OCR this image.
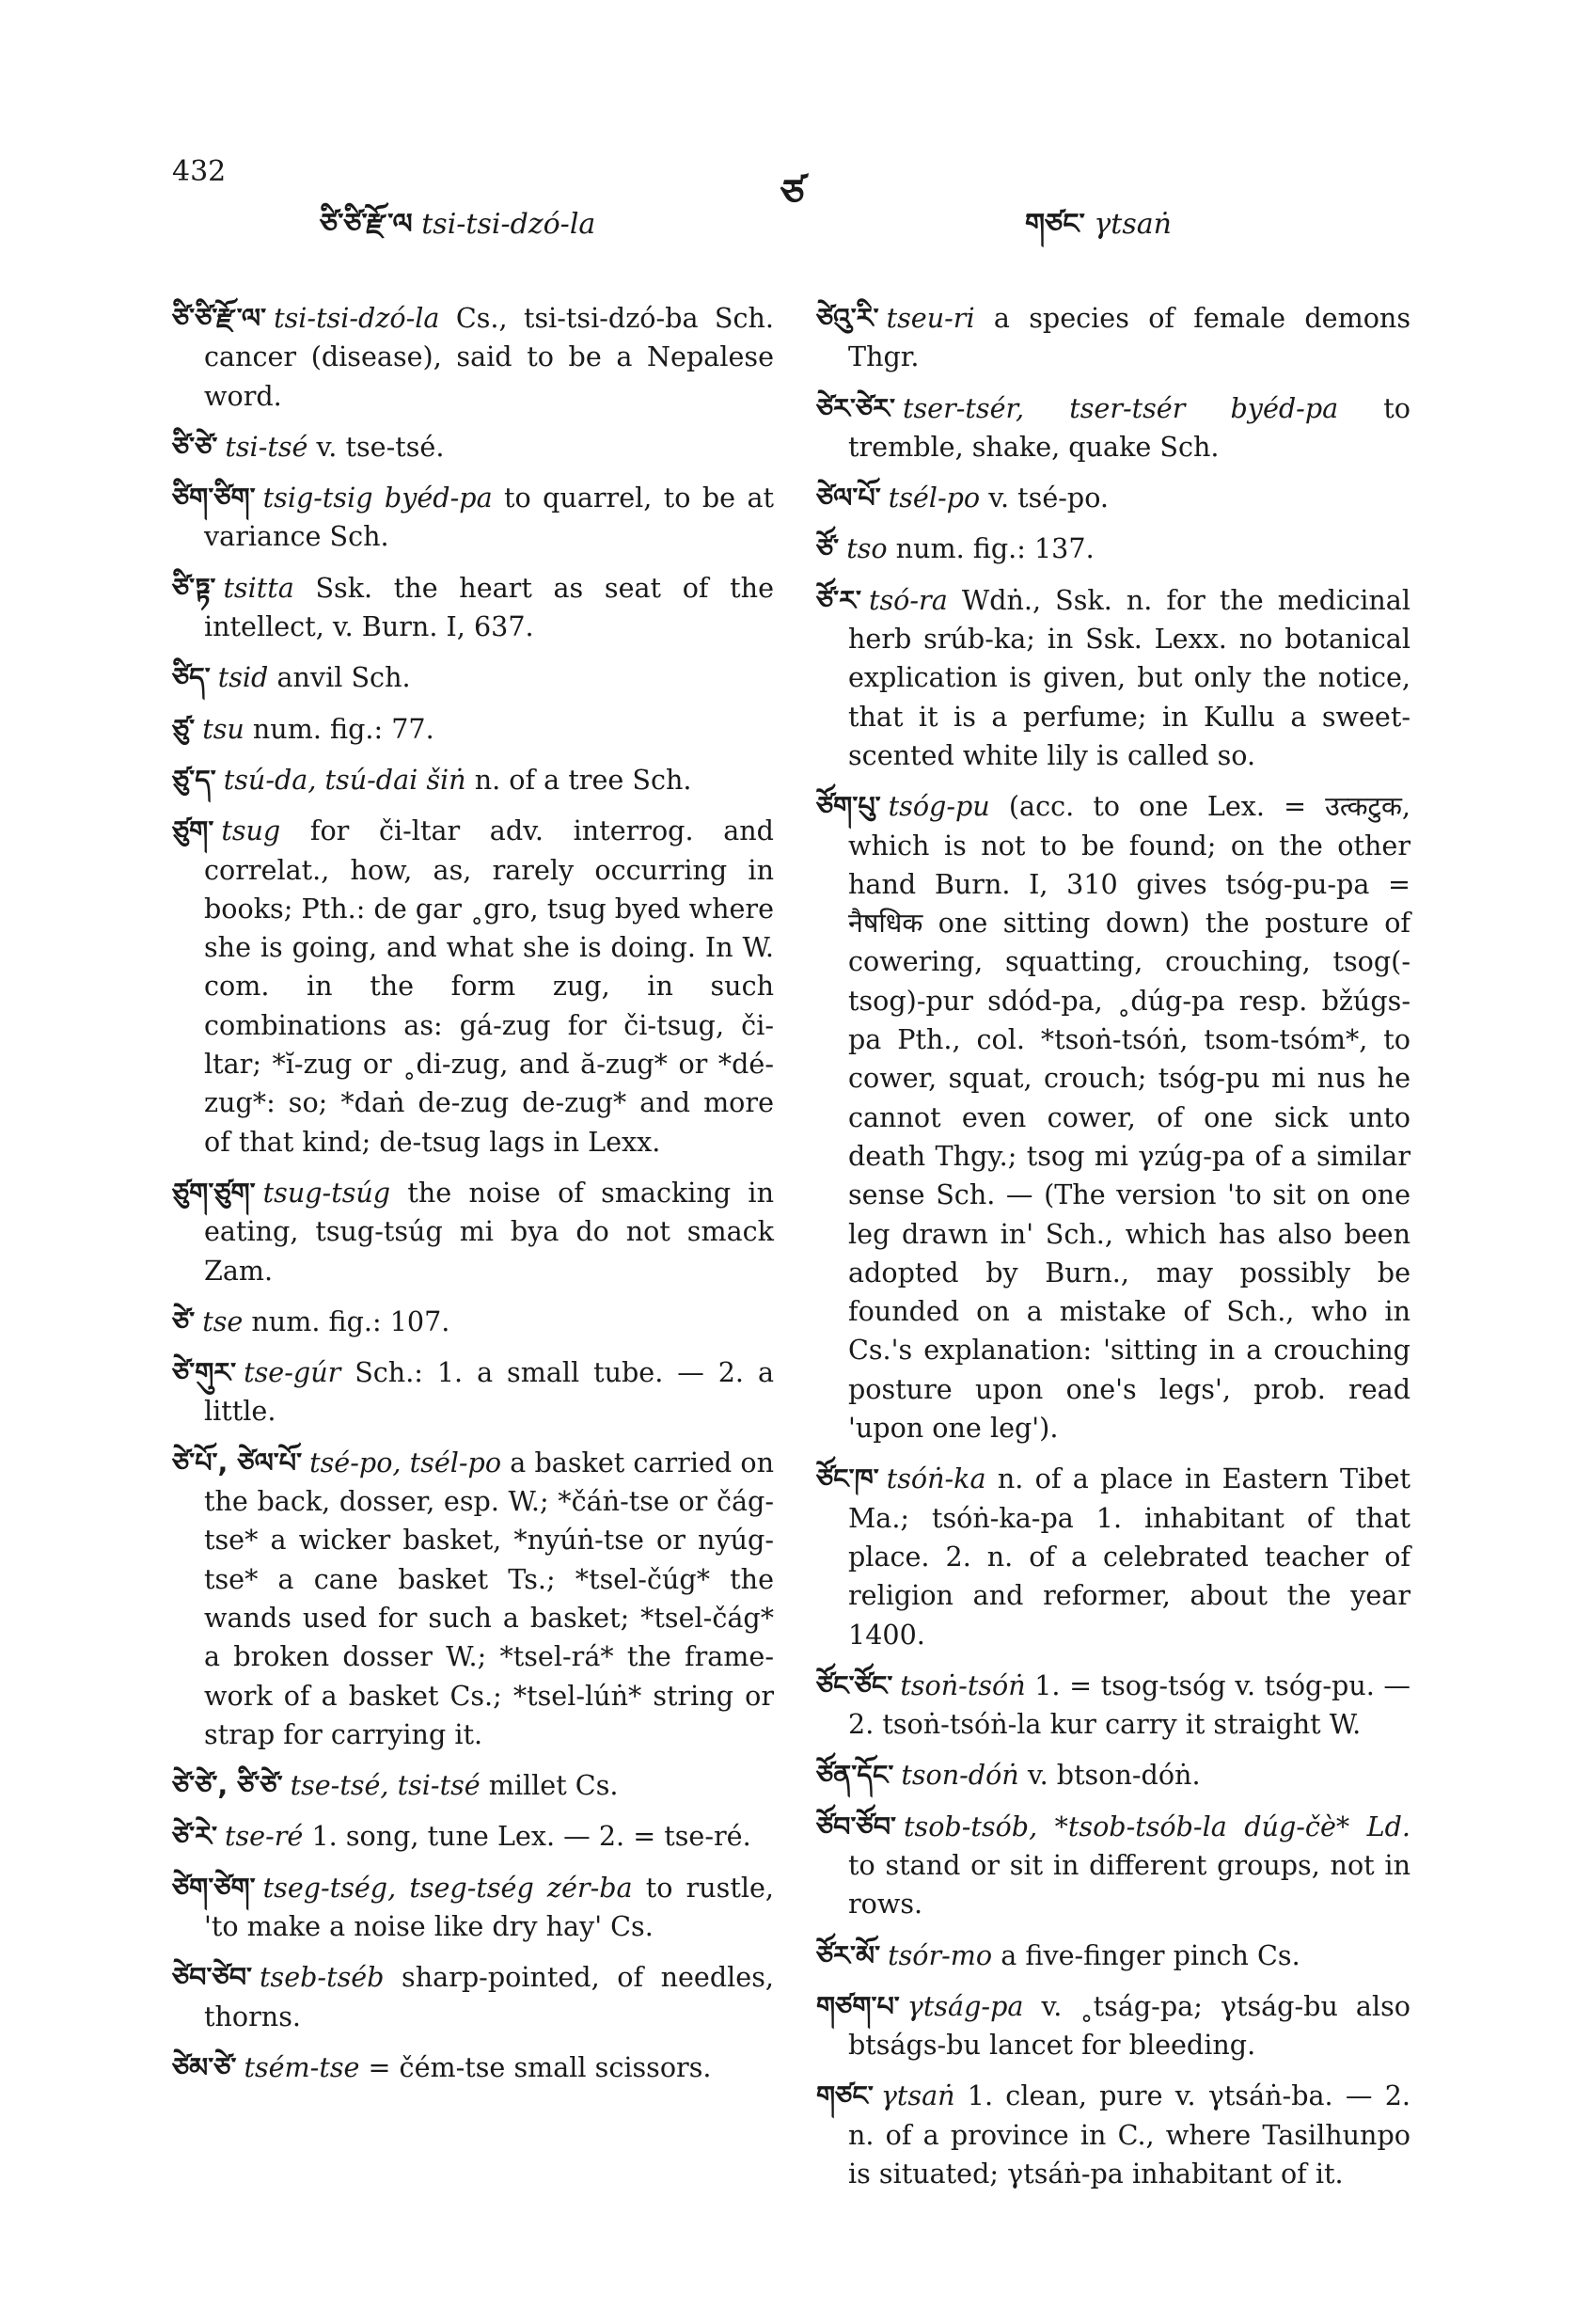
432
ཙི་ཙི་རྫོ་ལ tsi-tsi-dzó-la
ཙ
གཙང་ γtsaṅ

ཙི་ཙི་རྫོ་ལ་ tsi-tsi-dzó-la Cs., tsi-tsi-dzó-ba Sch. cancer (disease), said to be a Nepalese word.

ཙི་ཙེ་ tsi-tsé v. tse-tsé.

ཙིག་ཙིག་ tsig-tsig byéd-pa to quarrel, to be at variance Sch.

ཙི་ཏྟ་ tsitta Ssk. the heart as seat of the intellect, v. Burn. I, 637.

ཙིད་ tsid anvil Sch.

ཙུ་ tsu num. fig.: 77.

ཙུ་ད་ tsú-da, tsú-dai šiṅ n. of a tree Sch.

ཙུག་ tsug for či-ltar adv. interrog. and correlat., how, as, rarely occurring in books; Pth.: de gar ˳gro, tsug byed where she is going, and what she is doing. In W. com. in the form zug, in such combinations as: gá-zug for či-tsug, či-ltar; *ĭ-zug or ˳di-zug, and ă-zug* or *dé-zug*: so; *daṅ de-zug de-zug* and more of that kind; de-tsug lags in Lexx.

ཙུག་ཙུག་ tsug-tsúg the noise of smacking in eating, tsug-tsúg mi bya do not smack Zam.

ཙེ་ tse num. fig.: 107.

ཙེ་གུར་ tse-gúr Sch.: 1. a small tube. — 2. a little.

ཙེ་པོ་, ཙེལ་པོ་ tsé-po, tsél-po a basket carried on the back, dosser, esp. W.; *čáṅ-tse or čág-tse* a wicker basket, *nyúṅ-tse or nyúg-tse* a cane basket Ts.; *tsel-čúg* the wands used for such a basket; *tsel-čág* a broken dosser W.; *tsel-rá* the frame-work of a basket Cs.; *tsel-lúṅ* string or strap for carrying it.

ཙེ་ཙེ་, ཙི་ཙེ་ tse-tsé, tsi-tsé millet Cs.

ཙེ་རེ་ tse-ré 1. song, tune Lex. — 2. = tse-ré.

ཙེག་ཙེག་ tseg-tség, tseg-tség zér-ba to rustle, 'to make a noise like dry hay' Cs.

ཙེབ་ཙེབ་ tseb-tséb sharp-pointed, of needles, thorns.

ཙེམ་ཙེ་ tsém-tse = čém-tse small scissors.

ཙེའུ་རི་ tseu-ri a species of female demons Thgr.

ཙེར་ཙེར་ tser-tsér, tser-tsér byéd-pa to tremble, shake, quake Sch.

ཙེལ་པོ་ tsél-po v. tsé-po.

ཙོ་ tso num. fig.: 137.

ཙོ་ར་ tsó-ra Wdṅ., Ssk. n. for the medicinal herb srúb-ka; in Ssk. Lexx. no botanical explication is given, but only the notice, that it is a perfume; in Kullu a sweet-scented white lily is called so.

ཙོག་པུ་ tsóg-pu (acc. to one Lex. = उत्कटुक, which is not to be found; on the other hand Burn. I, 310 gives tsóg-pu-pa = नैषधिक one sitting down) the posture of cowering, squatting, crouching, tsog(-tsog)-pur sdód-pa, ˳dúg-pa resp. bžúgs-pa Pth., col. *tsoṅ-tsóṅ, tsom-tsóm*, to cower, squat, crouch; tsóg-pu mi nus he cannot even cower, of one sick unto death Thgy.; tsog mi γzúg-pa of a similar sense Sch. — (The version 'to sit on one leg drawn in' Sch., which has also been adopted by Burn., may possibly be founded on a mistake of Sch., who in Cs.'s explanation: 'sitting in a crouching posture upon one's legs', prob. read 'upon one leg').

ཙོང་ཁ་ tsóṅ-ka n. of a place in Eastern Tibet Ma.; tsóṅ-ka-pa 1. inhabitant of that place. 2. n. of a celebrated teacher of religion and reformer, about the year 1400.

ཙོང་ཙོང་ tsoṅ-tsóṅ 1. = tsog-tsóg v. tsóg-pu. — 2. tsoṅ-tsóṅ-la kur carry it straight W.

ཙོན་དོང་ tson-dóṅ v. btson-dóṅ.

ཙོབ་ཙོབ་ tsob-tsób, *tsob-tsób-la dúg-čè* Ld. to stand or sit in different groups, not in rows.

ཙོར་མོ་ tsór-mo a five-finger pinch Cs.

གཙག་པ་ γtság-pa v. ˳tság-pa; γtság-bu also btságs-bu lancet for bleeding.

གཙང་ γtsaṅ 1. clean, pure v. γtsáṅ-ba. — 2. n. of a province in C., where Tasilhunpo is situated; γtsáṅ-pa inhabitant of it.
